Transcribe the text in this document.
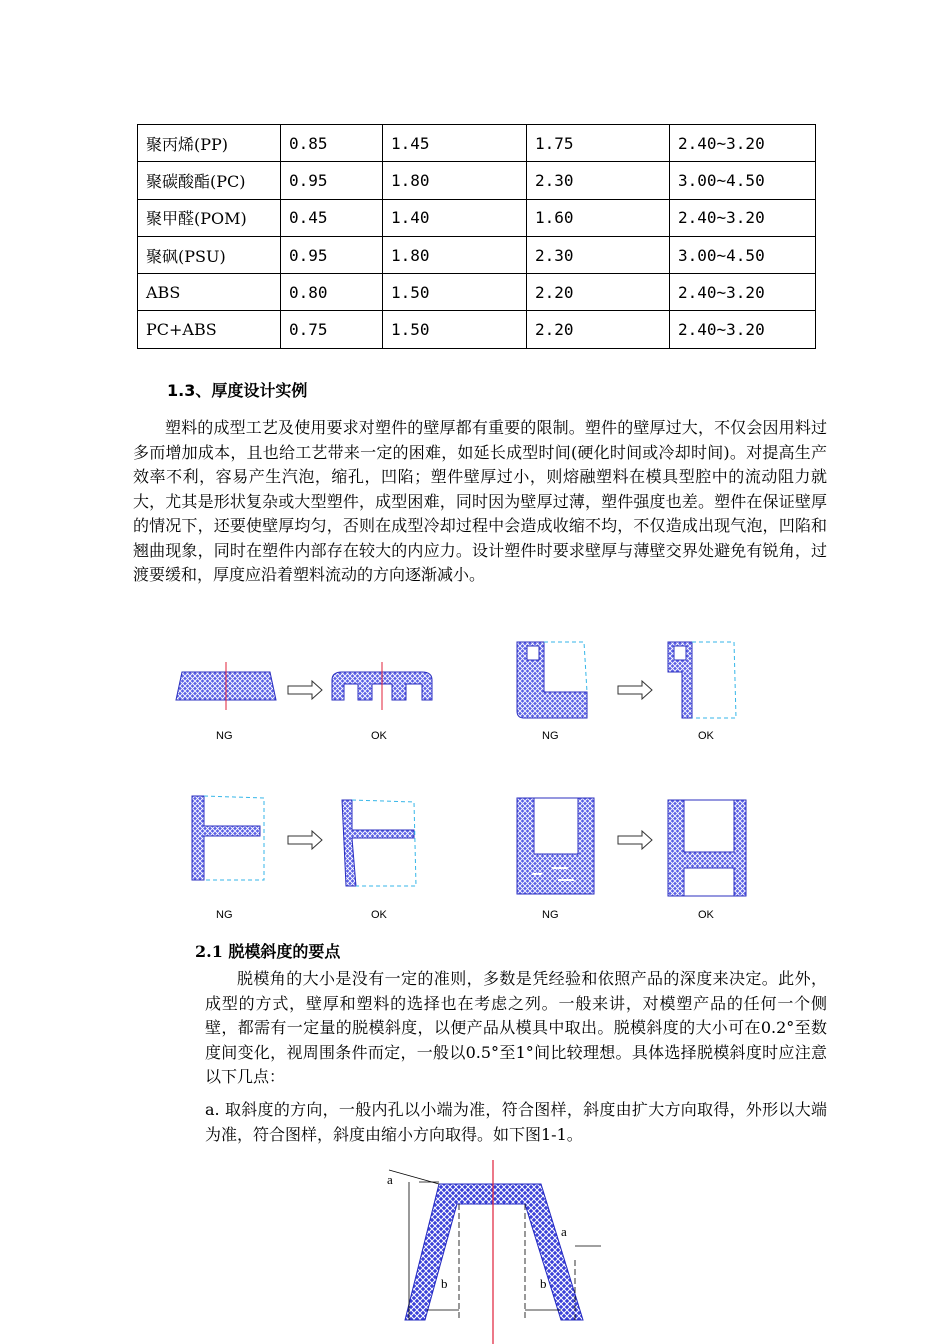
聚丙烯(PP)	0.85	1.45	1.75	2.40~3.20
聚碳酸酯(PC)	0.95	1.80	2.30	3.00~4.50
聚甲醛(POM)	0.45	1.40	1.60	2.40~3.20
聚砜(PSU)	0.95	1.80	2.30	3.00~4.50
ABS	0.80	1.50	2.20	2.40~3.20
PC+ABS	0.75	1.50	2.20	2.40~3.20
1.3、厚度设计实例
塑料的成型工艺及使用要求对塑件的壁厚都有重要的限制。塑件的壁厚过大，不仅会因用料过多而增加成本，且也给工艺带来一定的困难，如延长成型时间(硬化时间或冷却时间)。对提高生产效率不利，容易产生汽泡，缩孔，凹陷；塑件壁厚过小，则熔融塑料在模具型腔中的流动阻力就大，尤其是形状复杂或大型塑件，成型困难，同时因为壁厚过薄，塑件强度也差。塑件在保证壁厚的情况下，还要使壁厚均匀，否则在成型冷却过程中会造成收缩不均，不仅造成出现气泡，凹陷和翘曲现象，同时在塑件内部存在较大的内应力。设计塑件时要求壁厚与薄壁交界处避免有锐角，过渡要缓和，厚度应沿着塑料流动的方向逐渐减小。
NG	OK	NG	OK
NG	OK	NG	OK
2.1 脱模斜度的要点
脱模角的大小是没有一定的准则，多数是凭经验和依照产品的深度来决定。此外，成型的方式，壁厚和塑料的选择也在考虑之列。一般来讲，对模塑产品的任何一个侧壁，都需有一定量的脱模斜度，以便产品从模具中取出。脱模斜度的大小可在0.2°至数度间变化，视周围条件而定，一般以0.5°至1°间比较理想。具体选择脱模斜度时应注意以下几点：
a. 取斜度的方向，一般内孔以小端为准，符合图样，斜度由扩大方向取得，外形以大端为准，符合图样，斜度由缩小方向取得。如下图1-1。
a
a
b	b
